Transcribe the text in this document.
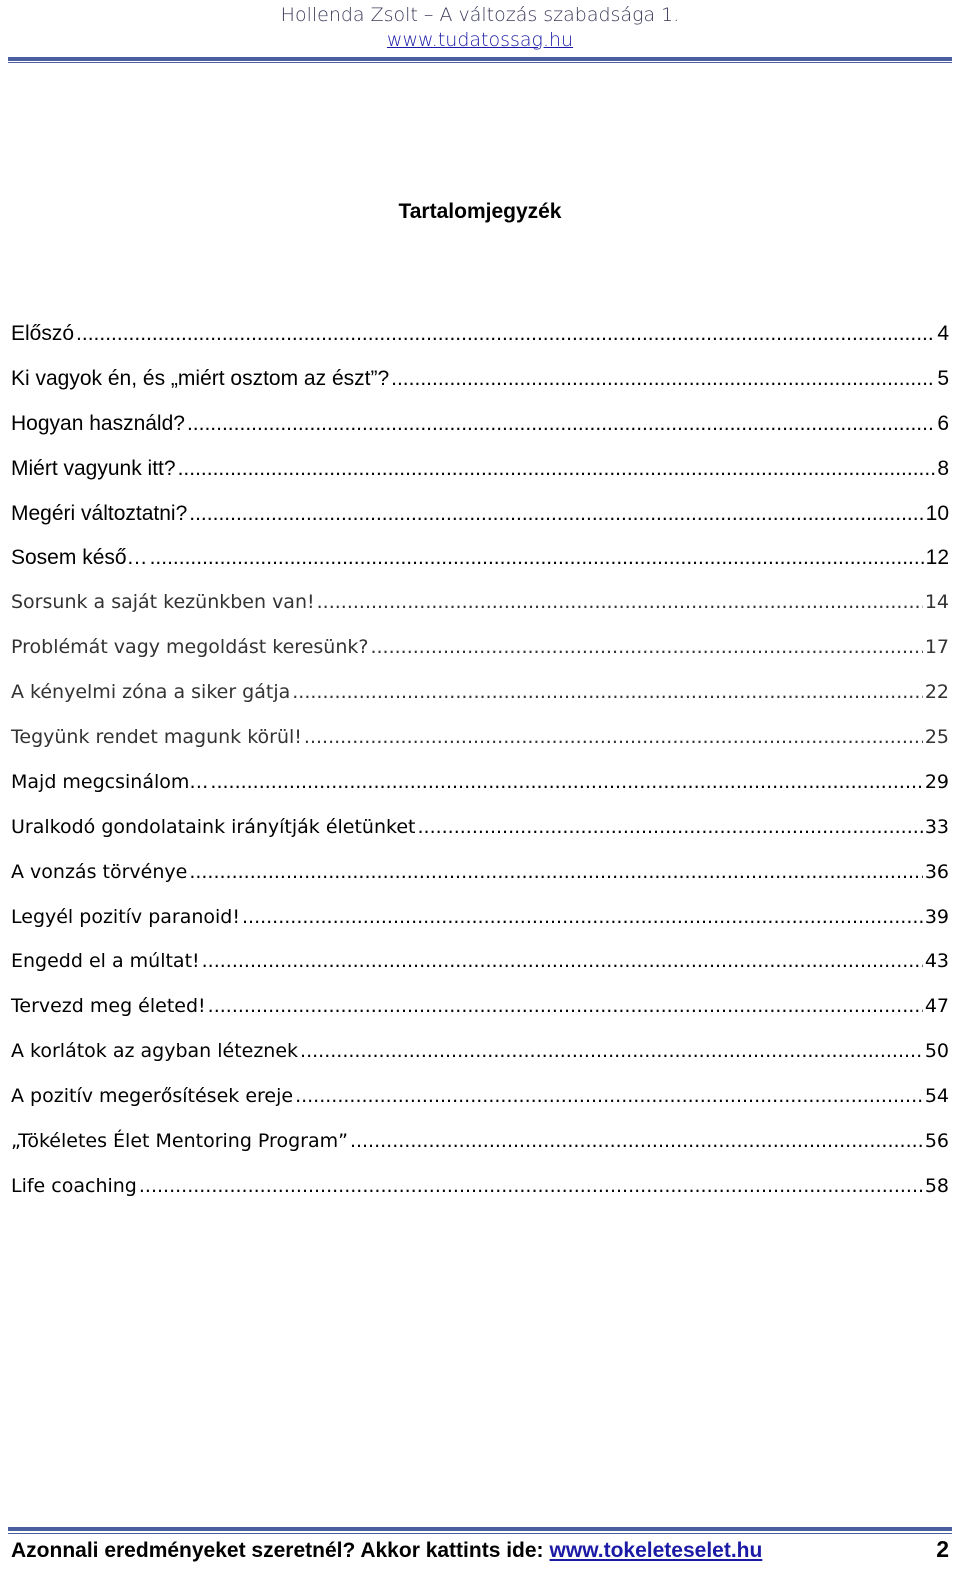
Hollenda Zsolt – A változás szabadsága 1.
www.tudatossag.hu
Tartalomjegyzék
Előszó .....	4
Ki vagyok én, és „miért osztom az észt”? .....	5
Hogyan használd? .....	6
Miért vagyunk itt? .....	8
Megéri változtatni? .....	10
Sosem késő… .....	12
Sorsunk a saját kezünkben van! .....	14
Problémát vagy megoldást keresünk? .....	17
A kényelmi zóna a siker gátja .....	22
Tegyünk rendet magunk körül! .....	25
Majd megcsinálom… .....	29
Uralkodó gondolataink irányítják életünket .....	33
A vonzás törvénye .....	36
Legyél pozitív paranoid! .....	39
Engedd el a múltat! .....	43
Tervezd meg életed! .....	47
A korlátok az agyban léteznek .....	50
A pozitív megerősítések ereje .....	54
„Tökéletes Élet Mentoring Program” .....	56
Life coaching .....	58
Azonnali eredményeket szeretnél? Akkor kattints ide: www.tokeleteselet.hu	2
